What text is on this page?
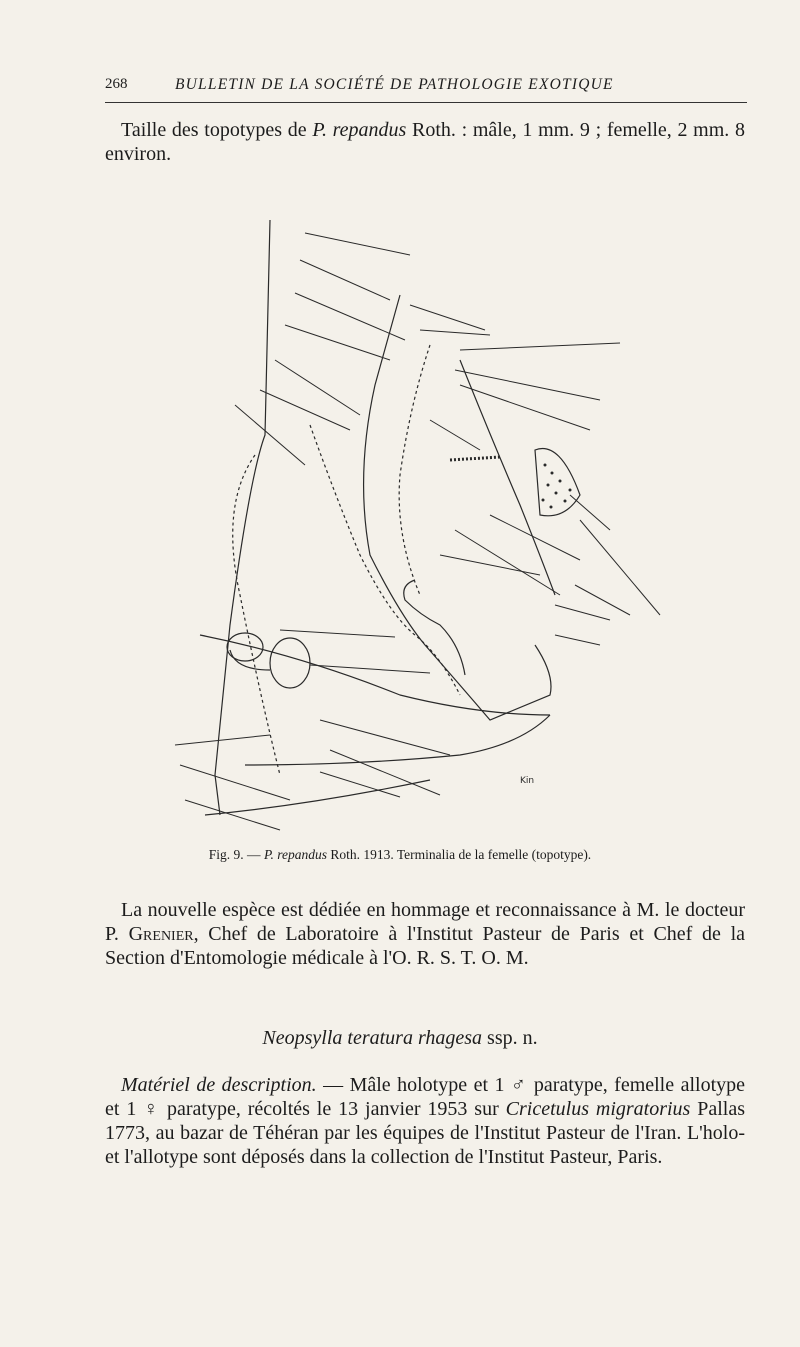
268	BULLETIN DE LA SOCIÉTÉ DE PATHOLOGIE EXOTIQUE

Taille des topotypes de P. repandus Roth. : mâle, 1 mm. 9 ; femelle, 2 mm. 8 environ.

Kin
Fig. 9. — P. repandus Roth. 1913. Terminalia de la femelle (topotype).

La nouvelle espèce est dédiée en hommage et reconnaissance à M. le docteur P. Grenier, Chef de Laboratoire à l'Institut Pasteur de Paris et Chef de la Section d'Entomologie médicale à l'O. R. S. T. O. M.

Neopsylla teratura rhagesa ssp. n.

Matériel de description. — Mâle holotype et 1 ♂ paratype, femelle allotype et 1 ♀ paratype, récoltés le 13 janvier 1953 sur Cricetulus migratorius Pallas 1773, au bazar de Téhéran par les équipes de l'Institut Pasteur de l'Iran. L'holo- et l'allotype sont déposés dans la collection de l'Institut Pasteur, Paris.
